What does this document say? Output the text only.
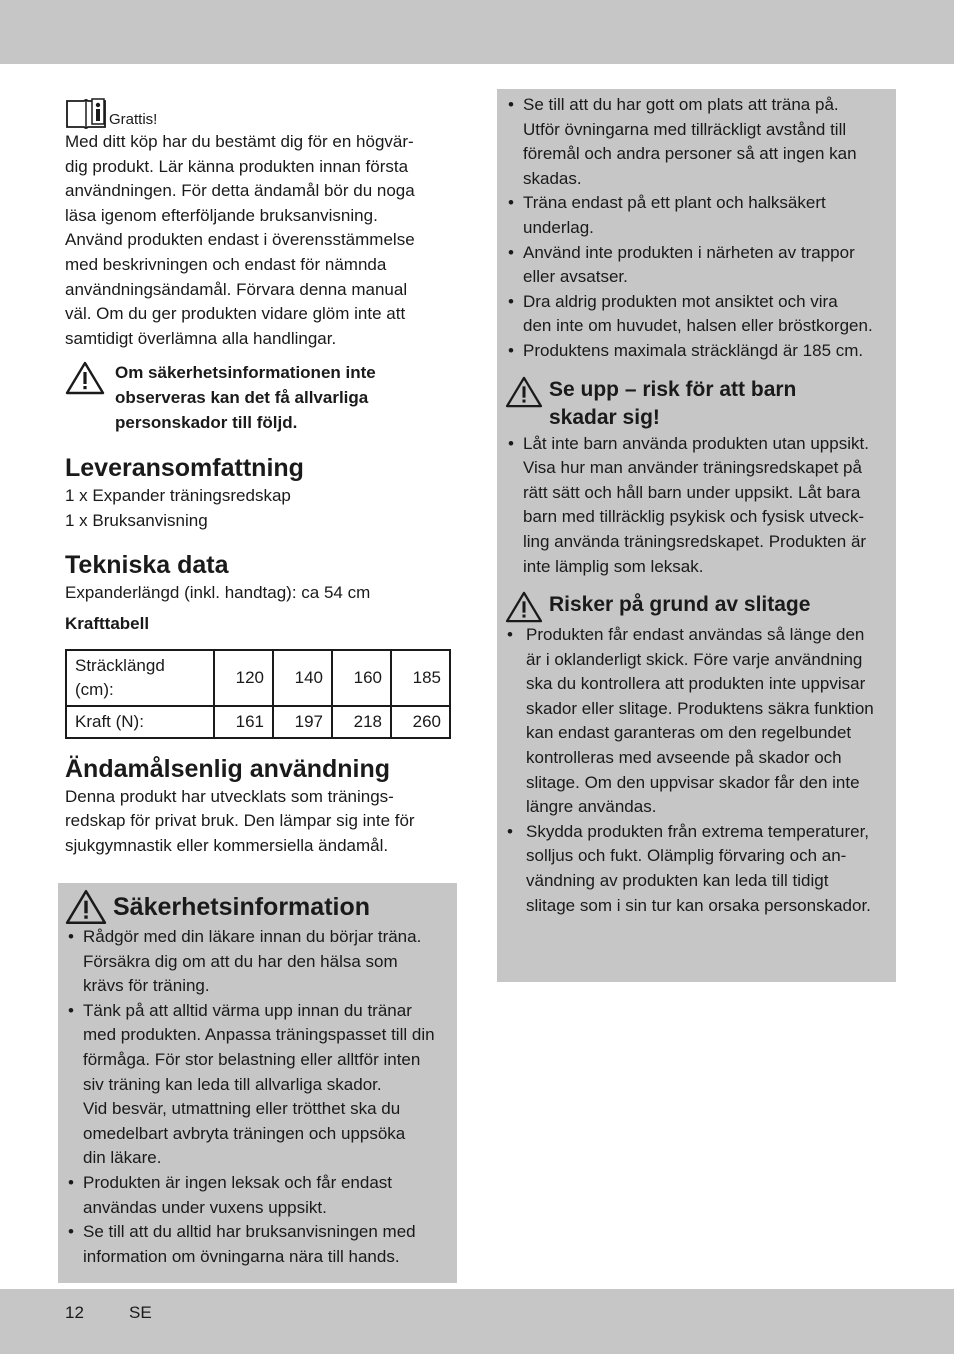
Grattis!

Med ditt köp har du bestämt dig för en högvär-
dig produkt. Lär känna produkten innan första
användningen. För detta ändamål bör du noga
läsa igenom efterföljande bruksanvisning.
Använd produkten endast i överensstämmelse
med beskrivningen och endast för nämnda
användningsändamål. Förvara denna manual
väl. Om du ger produkten vidare glöm inte att
samtidigt överlämna alla handlingar.

Om säkerhetsinformationen inte
observeras kan det få allvarliga
personskador till följd.

Leveransomfattning

1 x Expander träningsredskap
1 x Bruksanvisning

Tekniska data

Expanderlängd (inkl. handtag): ca 54 cm

Krafttabell

Sträcklängd
(cm):	120	140	160	185
Kraft (N):	161	197	218	260
Ändamålsenlig användning

Denna produkt har utvecklats som tränings-
redskap för privat bruk. Den lämpar sig inte för
sjukgymnastik eller kommersiella ändamål.

Säkerhetsinformation
• Rådgör med din läkare innan du börjar träna.
Försäkra dig om att du har den hälsa som
krävs för träning.
• Tänk på att alltid värma upp innan du tränar
med produkten. Anpassa träningspasset till din
förmåga. För stor belastning eller alltför inten
siv träning kan leda till allvarliga skador.
Vid besvär, utmattning eller trötthet ska du
omedelbart avbryta träningen och uppsöka
din läkare.
• Produkten är ingen leksak och får endast
användas under vuxens uppsikt.
• Se till att du alltid har bruksanvisningen med
information om övningarna nära till hands.
• Se till att du har gott om plats att träna på.
Utför övningarna med tillräckligt avstånd till
föremål och andra personer så att ingen kan
skadas.
• Träna endast på ett plant och halksäkert
underlag.
• Använd inte produkten i närheten av trappor
eller avsatser.
• Dra aldrig produkten mot ansiktet och vira
den inte om huvudet, halsen eller bröstkorgen.
• Produktens maximala sträcklängd är 185 cm.
Se upp – risk för att barn
skadar sig!
• Låt inte barn använda produkten utan uppsikt.
Visa hur man använder träningsredskapet på
rätt sätt och håll barn under uppsikt. Låt bara
barn med tillräcklig psykisk och fysisk utveck-
ling använda träningsredskapet. Produkten är
inte lämplig som leksak.
Risker på grund av slitage
• Produkten får endast användas så länge den
är i oklanderligt skick. Före varje användning
ska du kontrollera att produkten inte uppvisar
skador eller slitage. Produktens säkra funktion
kan endast garanteras om den regelbundet
kontrolleras med avseende på skador och
slitage. Om den uppvisar skador får den inte
längre användas.
• Skydda produkten från extrema temperaturer,
solljus och fukt. Olämplig förvaring och an-
vändning av produkten kan leda till tidigt
slitage som i sin tur kan orsaka personskador.
12	SE
